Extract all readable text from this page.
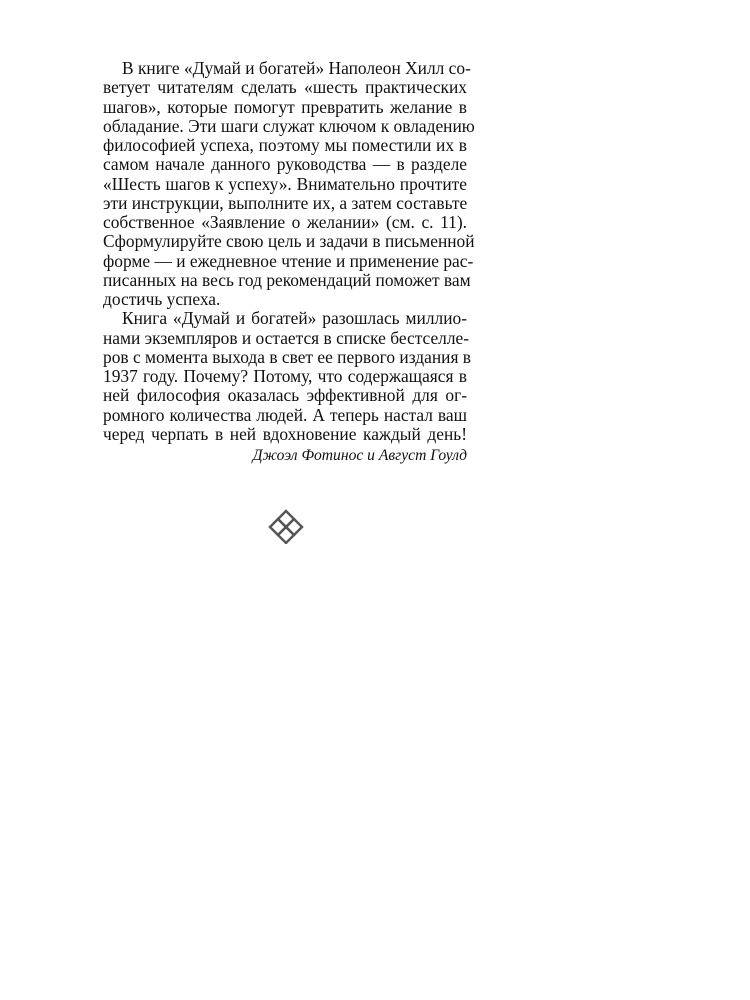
В книге «Думай и богатей» Наполеон Хилл со-
ветует читателям сделать «шесть практических
шагов», которые помогут превратить желание в
обладание. Эти шаги служат ключом к овладению
философией успеха, поэтому мы поместили их в
самом начале данного руководства — в разделе
«Шесть шагов к успеху». Внимательно прочтите
эти инструкции, выполните их, а затем составьте
собственное «Заявление о желании» (см. с. 11).
Сформулируйте свою цель и задачи в письменной
форме — и ежедневное чтение и применение рас-
писанных на весь год рекомендаций поможет вам
достичь успеха.
Книга «Думай и богатей» разошлась миллио-
нами экземпляров и остается в списке бестселле-
ров с момента выхода в свет ее первого издания в
1937 году. Почему? Потому, что содержащаяся в
ней философия оказалась эффективной для ог-
ромного количества людей. А теперь настал ваш
черед черпать в ней вдохновение каждый день!
Джоэл Фотинос и Август Гоулд
